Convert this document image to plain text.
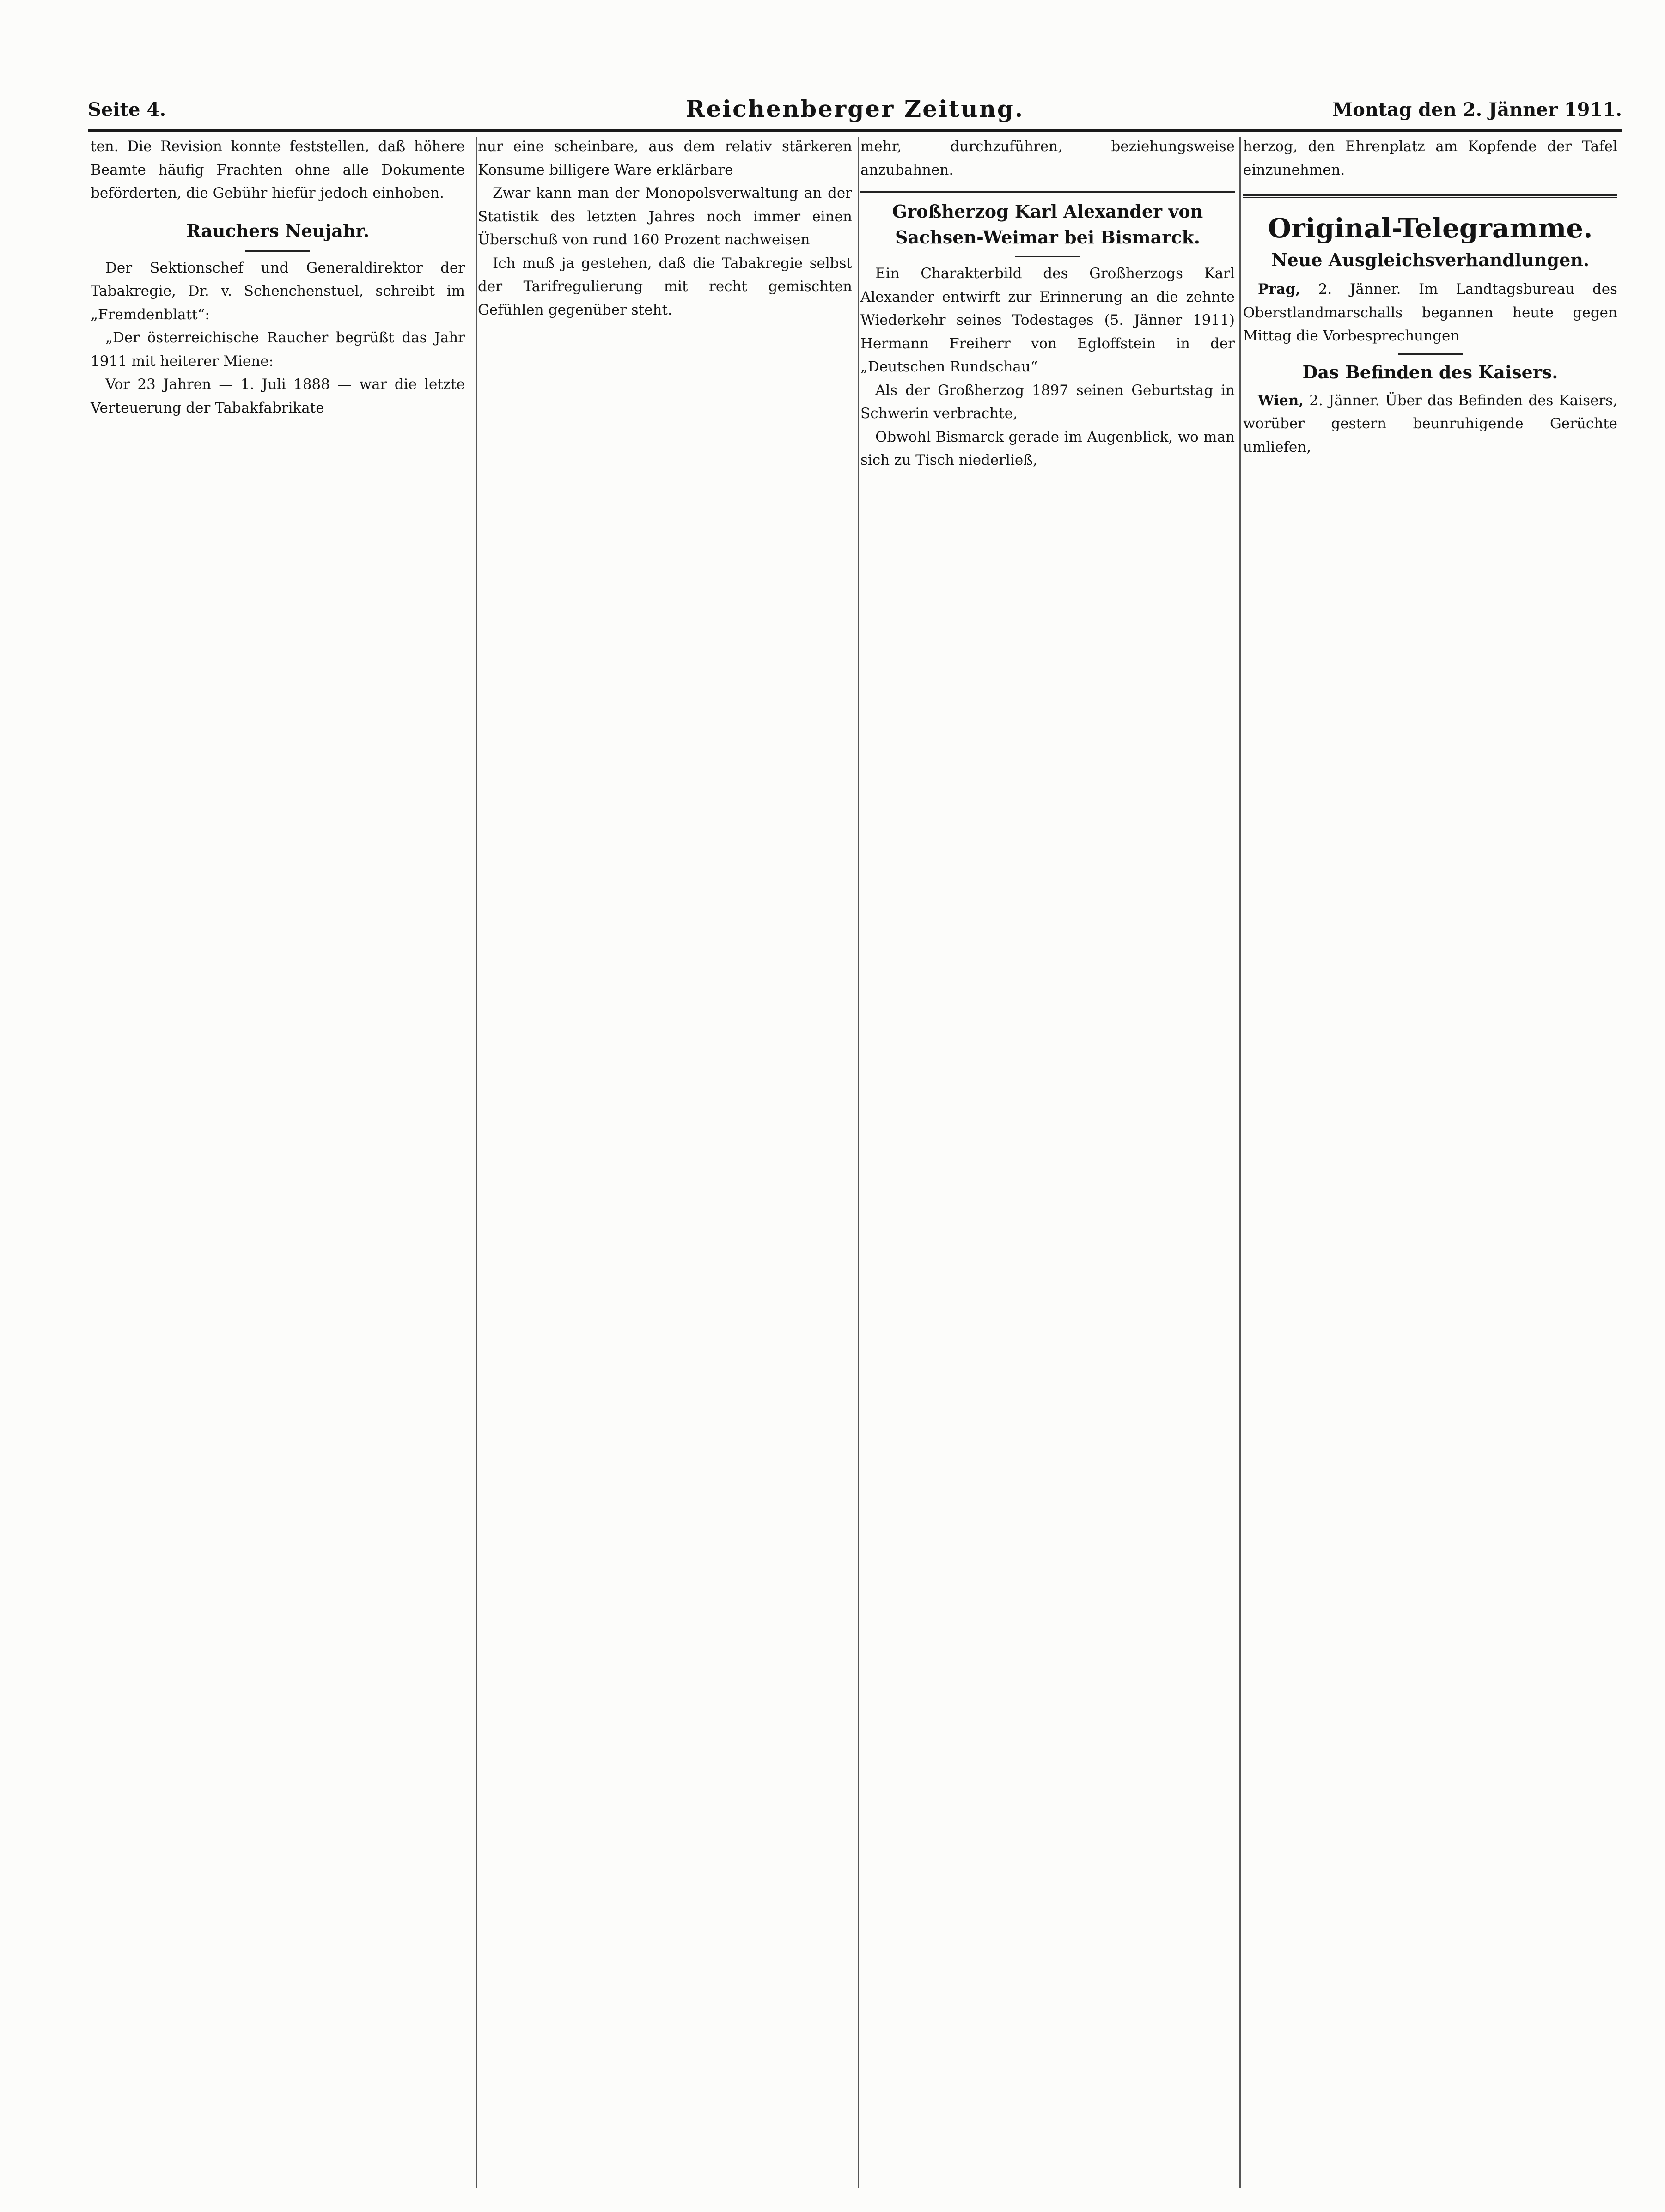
Seite 4.	Reichenberger Zeitung.	Montag den 2. Jänner 1911.

ten. Die Revision konnte feststellen, daß höhere Beamte häufig Frachten ohne alle Dokumente beförderten, die Gebühr hiefür jedoch einhoben.

Rauchers Neujahr.

Der Sektionschef und Generaldirektor der Tabakregie, Dr. v. Schenchenstuel, schreibt im „Fremdenblatt“:

„Der österreichische Raucher begrüßt das Jahr 1911 mit heiterer Miene:

Vor 23 Jahren — 1. Juli 1888 — war die letzte Verteuerung der Tabakfabrikate

nur eine scheinbare, aus dem relativ stärkeren Konsume billigere Ware erklärbare

Zwar kann man der Monopolsverwaltung an der Statistik des letzten Jahres noch immer einen Überschuß von rund 160 Prozent nachweisen

Ich muß ja gestehen, daß die Tabakregie selbst der Tarifregulierung mit recht gemischten Gefühlen gegenüber steht.

mehr, durchzuführen, beziehungsweise anzubahnen.

Großherzog Karl Alexander von
Sachsen-Weimar bei Bismarck.

Ein Charakterbild des Großherzogs Karl Alexander entwirft zur Erinnerung an die zehnte Wiederkehr seines Todestages (5. Jänner 1911) Hermann Freiherr von Egloffstein in der „Deutschen Rundschau“

Als der Großherzog 1897 seinen Geburtstag in Schwerin verbrachte,

Obwohl Bismarck gerade im Augenblick, wo man sich zu Tisch niederließ,

herzog, den Ehrenplatz am Kopfende der Tafel einzunehmen.

Original-Telegramme.
Neue Ausgleichsverhandlungen.

Prag, 2. Jänner. Im Landtagsbureau des Oberstlandmarschalls begannen heute gegen Mittag die Vorbesprechungen

Das Befinden des Kaisers.

Wien, 2. Jänner. Über das Befinden des Kaisers, worüber gestern beunruhigende Gerüchte umliefen,
